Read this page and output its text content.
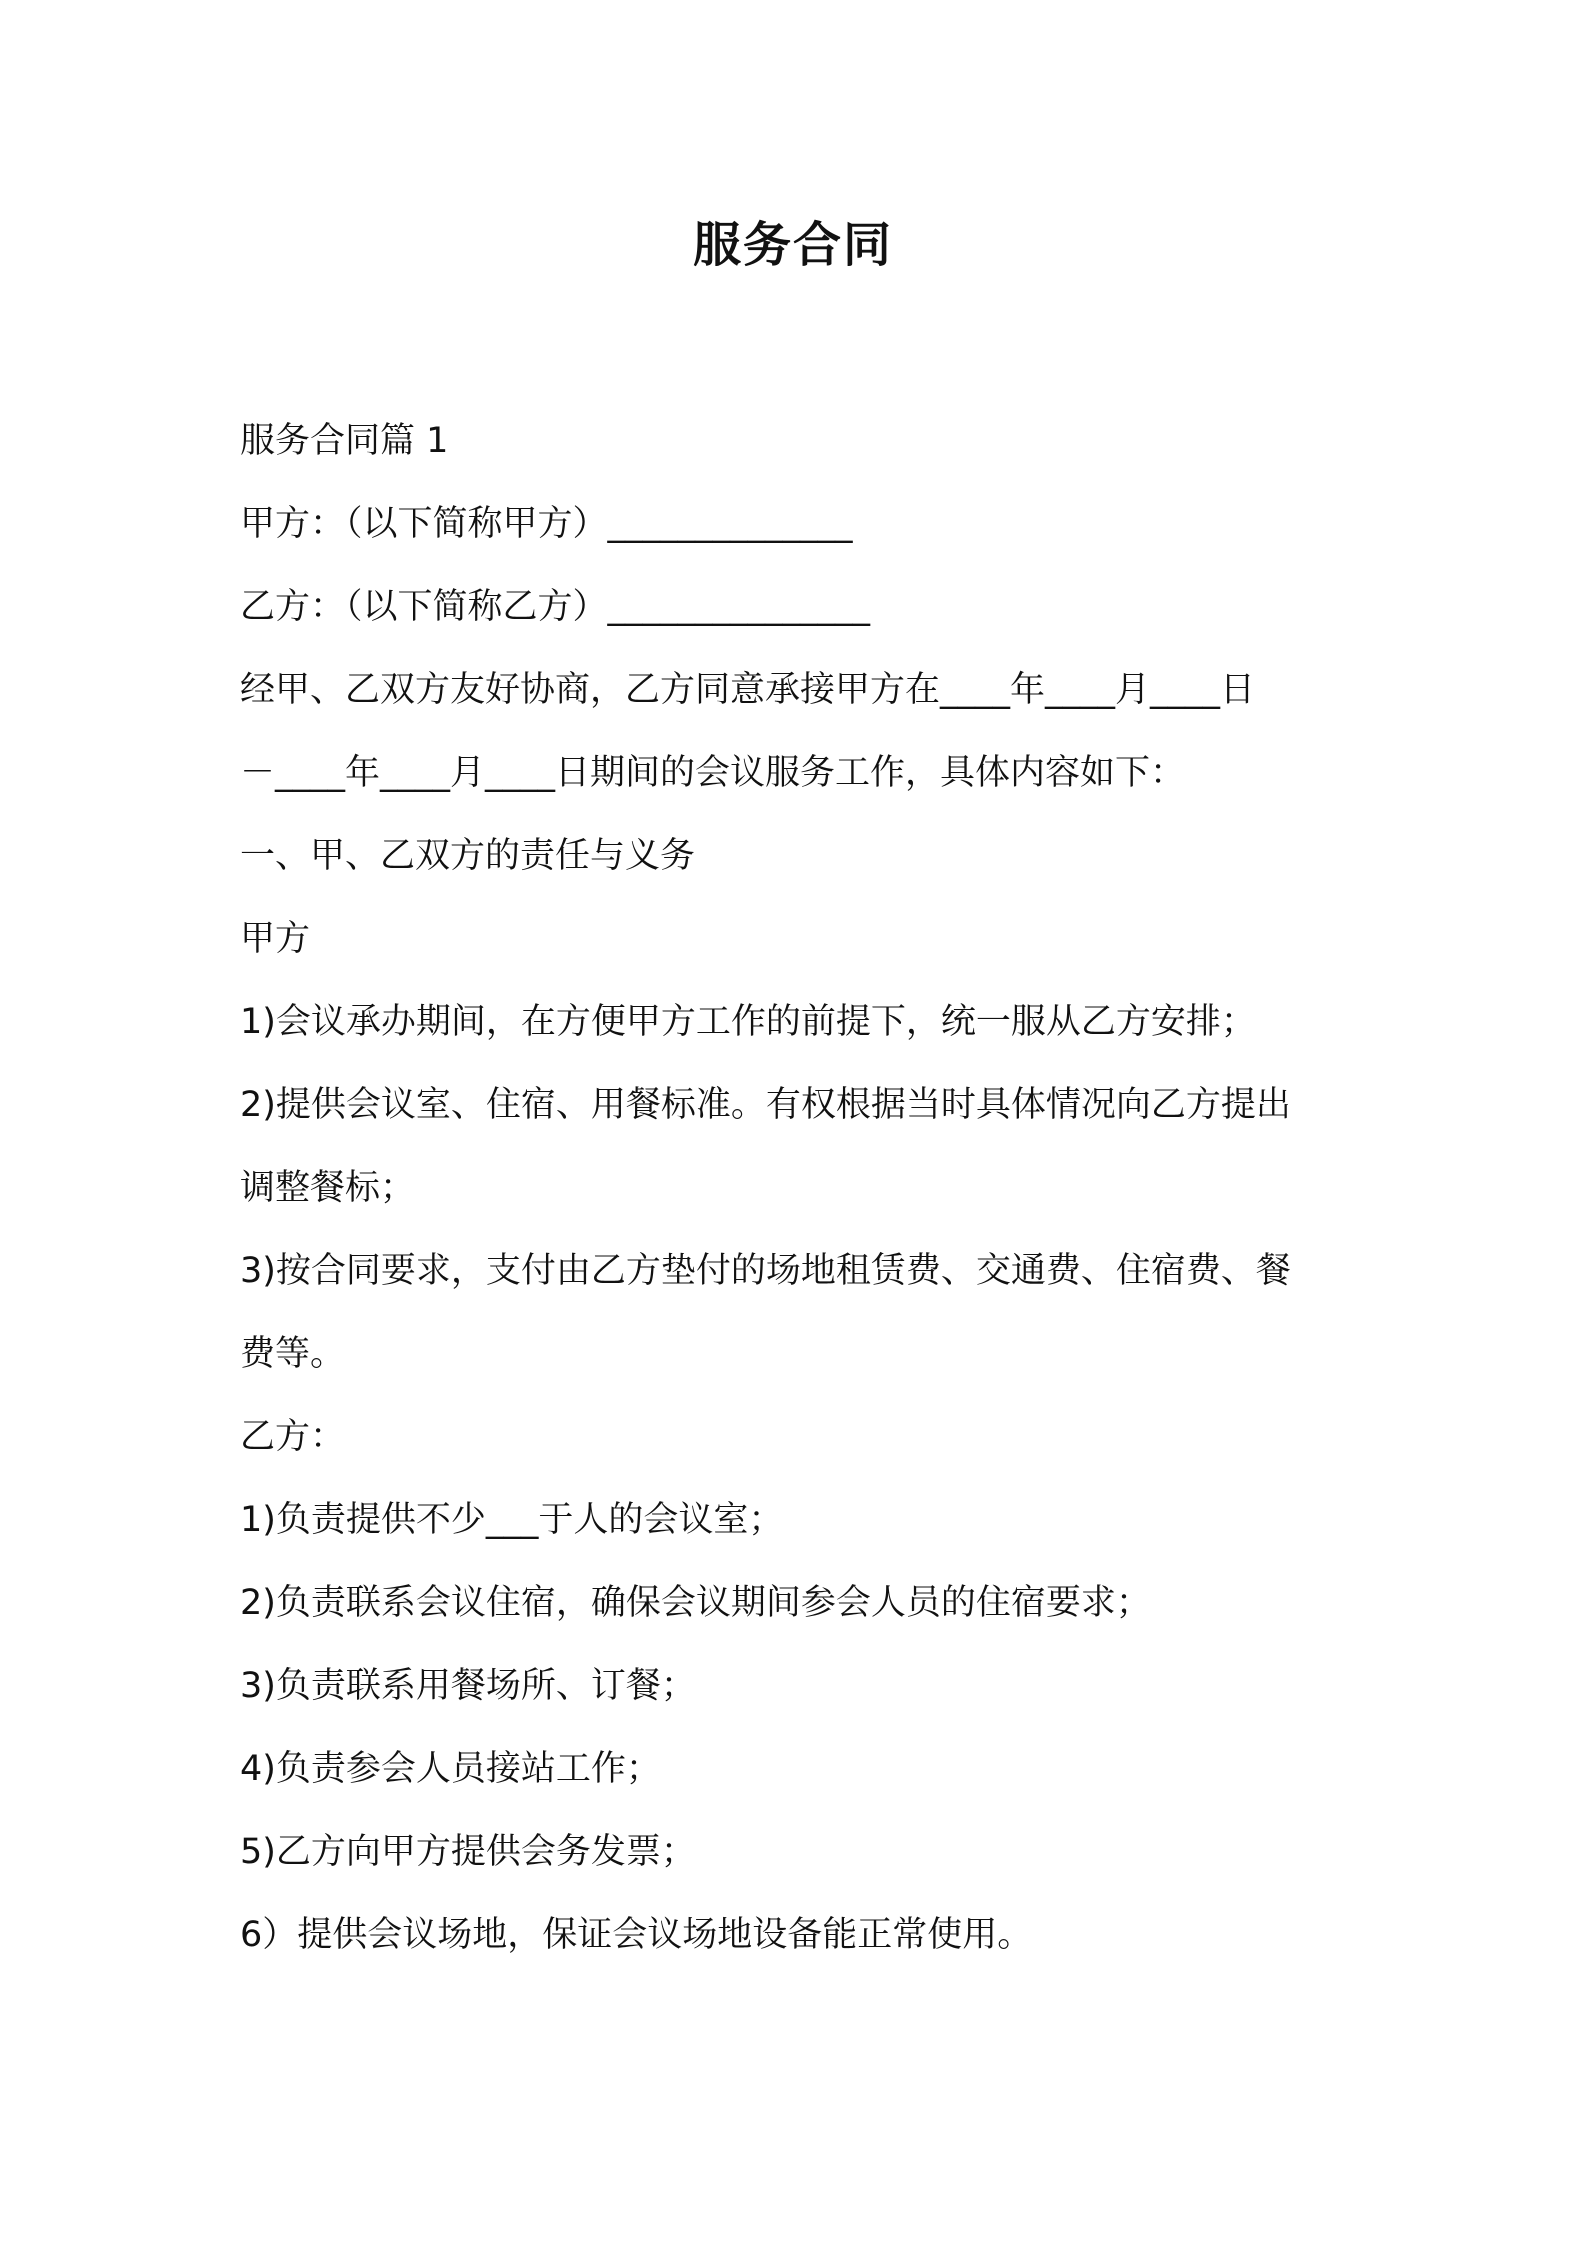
服务合同
服务合同篇 1
甲方：（以下简称甲方）______________
乙方：（以下简称乙方）_______________
经甲、乙双方友好协商，乙方同意承接甲方在____年____月____日
－____年____月____日期间的会议服务工作，具体内容如下：
一、甲、乙双方的责任与义务
甲方
1)会议承办期间，在方便甲方工作的前提下，统一服从乙方安排；
2)提供会议室、住宿、用餐标准。有权根据当时具体情况向乙方提出
调整餐标；
3)按合同要求，支付由乙方垫付的场地租赁费、交通费、住宿费、餐
费等。
乙方：
1)负责提供不少___于人的会议室；
2)负责联系会议住宿，确保会议期间参会人员的住宿要求；
3)负责联系用餐场所、订餐；
4)负责参会人员接站工作；
5)乙方向甲方提供会务发票；
6）提供会议场地，保证会议场地设备能正常使用。
